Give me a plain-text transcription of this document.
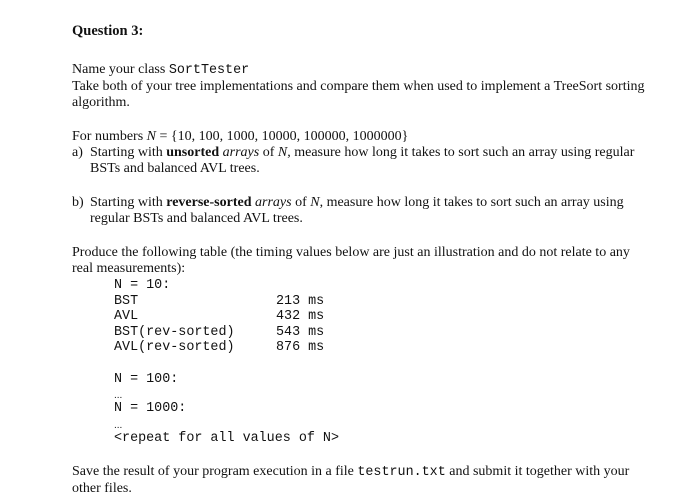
Question 3:

Name your class SortTester

Take both of your tree implementations and compare them when used to implement a TreeSort sorting algorithm.

For numbers N = {10, 100, 1000, 10000, 100000, 1000000}

a) Starting with unsorted arrays of N, measure how long it takes to sort such an array using regular BSTs and balanced AVL trees.
b) Starting with reverse-sorted arrays of N, measure how long it takes to sort such an array using regular BSTs and balanced AVL trees.

Produce the following table (the timing values below are just an illustration and do not relate to any real measurements):

N = 10:
BST	213 ms
AVL	432 ms
BST(rev-sorted)	543 ms
AVL(rev-sorted)	876 ms
N = 100:
...
N = 1000:
...
<repeat for all values of N>

Save the result of your program execution in a file testrun.txt and submit it together with your other files.
